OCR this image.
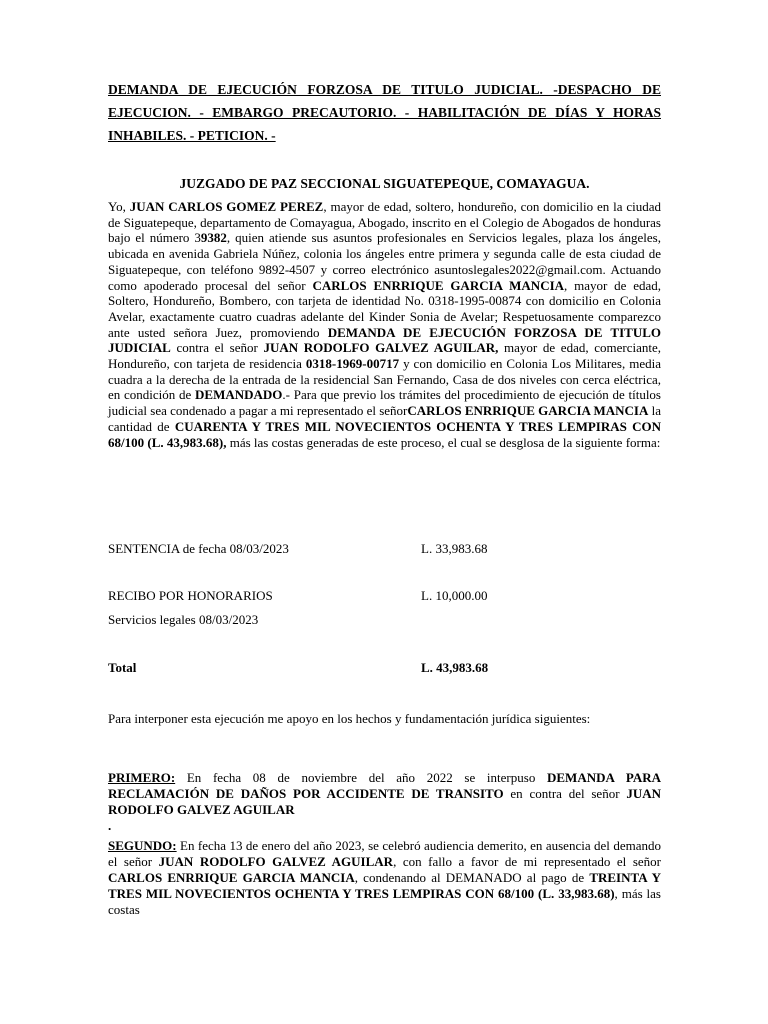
DEMANDA DE EJECUCIÓN FORZOSA DE TITULO JUDICIAL. -DESPACHO DE EJECUCION. - EMBARGO PRECAUTORIO. - HABILITACIÓN DE DÍAS Y HORAS INHABILES. - PETICION. -
JUZGADO DE PAZ SECCIONAL SIGUATEPEQUE, COMAYAGUA.
Yo, JUAN CARLOS GOMEZ PEREZ, mayor de edad, soltero, hondureño, con domicilio en la ciudad de Siguatepeque, departamento de Comayagua, Abogado, inscrito en el Colegio de Abogados de honduras bajo el número 39382, quien atiende sus asuntos profesionales en Servicios legales, plaza los ángeles, ubicada en avenida Gabriela Núñez, colonia los ángeles entre primera y segunda calle de esta ciudad de Siguatepeque, con teléfono 9892-4507 y correo electrónico asuntoslegales2022@gmail.com. Actuando como apoderado procesal del señor CARLOS ENRRIQUE GARCIA MANCIA, mayor de edad, Soltero, Hondureño, Bombero, con tarjeta de identidad No. 0318-1995-00874 con domicilio en Colonia Avelar, exactamente cuatro cuadras adelante del Kinder Sonia de Avelar; Respetuosamente comparezco ante usted señora Juez, promoviendo DEMANDA DE EJECUCIÓN FORZOSA DE TITULO JUDICIAL contra el señor JUAN RODOLFO GALVEZ AGUILAR, mayor de edad, comerciante, Hondureño, con tarjeta de residencia 0318-1969-00717 y con domicilio en Colonia Los Militares, media cuadra a la derecha de la entrada de la residencial San Fernando, Casa de dos niveles con cerca eléctrica, en condición de DEMANDADO.- Para que previo los trámites del procedimiento de ejecución de títulos judicial sea condenado a pagar a mi representado el señorCARLOS ENRRIQUE GARCIA MANCIA la cantidad de CUARENTA Y TRES MIL NOVECIENTOS OCHENTA Y TRES LEMPIRAS CON 68/100 (L. 43,983.68), más las costas generadas de este proceso, el cual se desglosa de la siguiente forma:
SENTENCIA de fecha 08/03/2023	L. 33,983.68
RECIBO POR HONORARIOS	L. 10,000.00
Servicios legales 08/03/2023
Total	L. 43,983.68
Para interponer esta ejecución me apoyo en los hechos y fundamentación jurídica siguientes:
PRIMERO: En fecha 08 de noviembre del año 2022 se interpuso DEMANDA PARA RECLAMACIÓN DE DAÑOS POR ACCIDENTE DE TRANSITO en contra del señor JUAN RODOLFO GALVEZ AGUILAR
.
SEGUNDO: En fecha 13 de enero del año 2023, se celebró audiencia demerito, en ausencia del demando el señor JUAN RODOLFO GALVEZ AGUILAR, con fallo a favor de mi representado el señor CARLOS ENRRIQUE GARCIA MANCIA, condenando al DEMANADO al pago de TREINTA Y TRES MIL NOVECIENTOS OCHENTA Y TRES LEMPIRAS CON 68/100 (L. 33,983.68), más las costas
